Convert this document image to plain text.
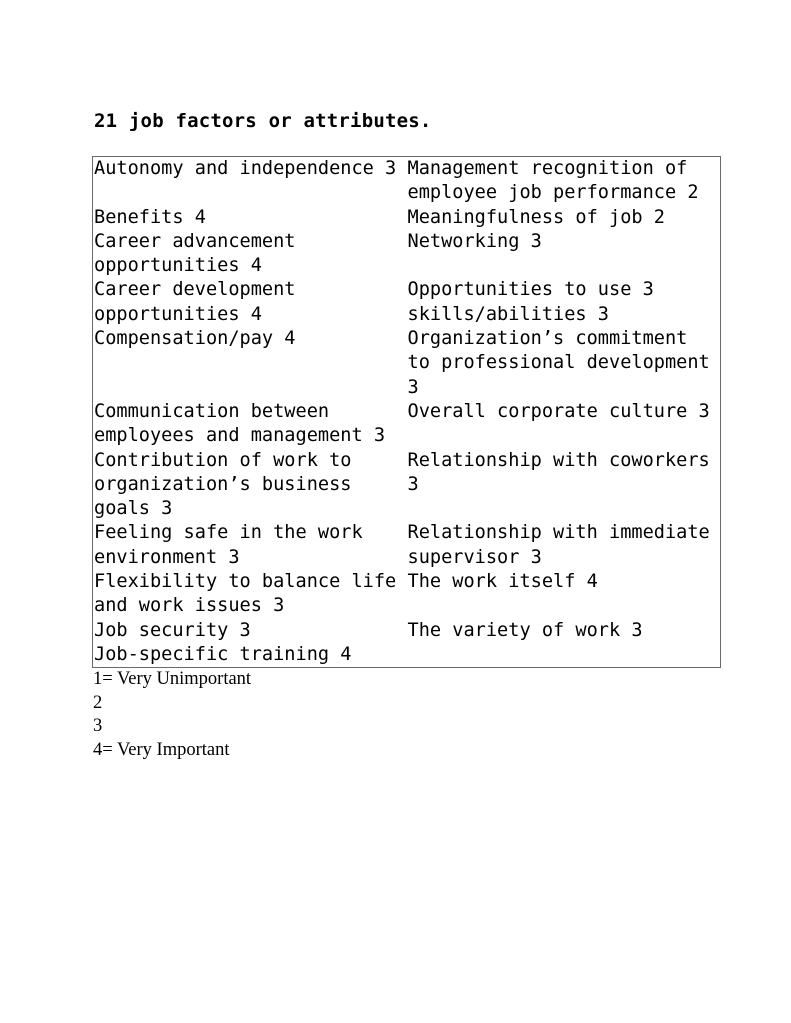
21 job factors or attributes.
Autonomy and independence 3	Management recognition of employee job performance 2

Benefits 4	Meaningfulness of job 2

Career advancement opportunities 4	Networking 3

Career development opportunities 4	Opportunities to use 3 skills/abilities 3

Compensation/pay 4	Organization’s commitment to professional development 3

Communication between employees and management 3	Overall corporate culture 3

Contribution of work to organization’s business goals 3	Relationship with coworkers 3

Feeling safe in the work environment 3	Relationship with immediate supervisor 3

Flexibility to balance life and work issues 3	The work itself 4

Job security 3	The variety of work 3

Job-specific training 4	

1= Very Unimportant
2
3
4= Very Important
